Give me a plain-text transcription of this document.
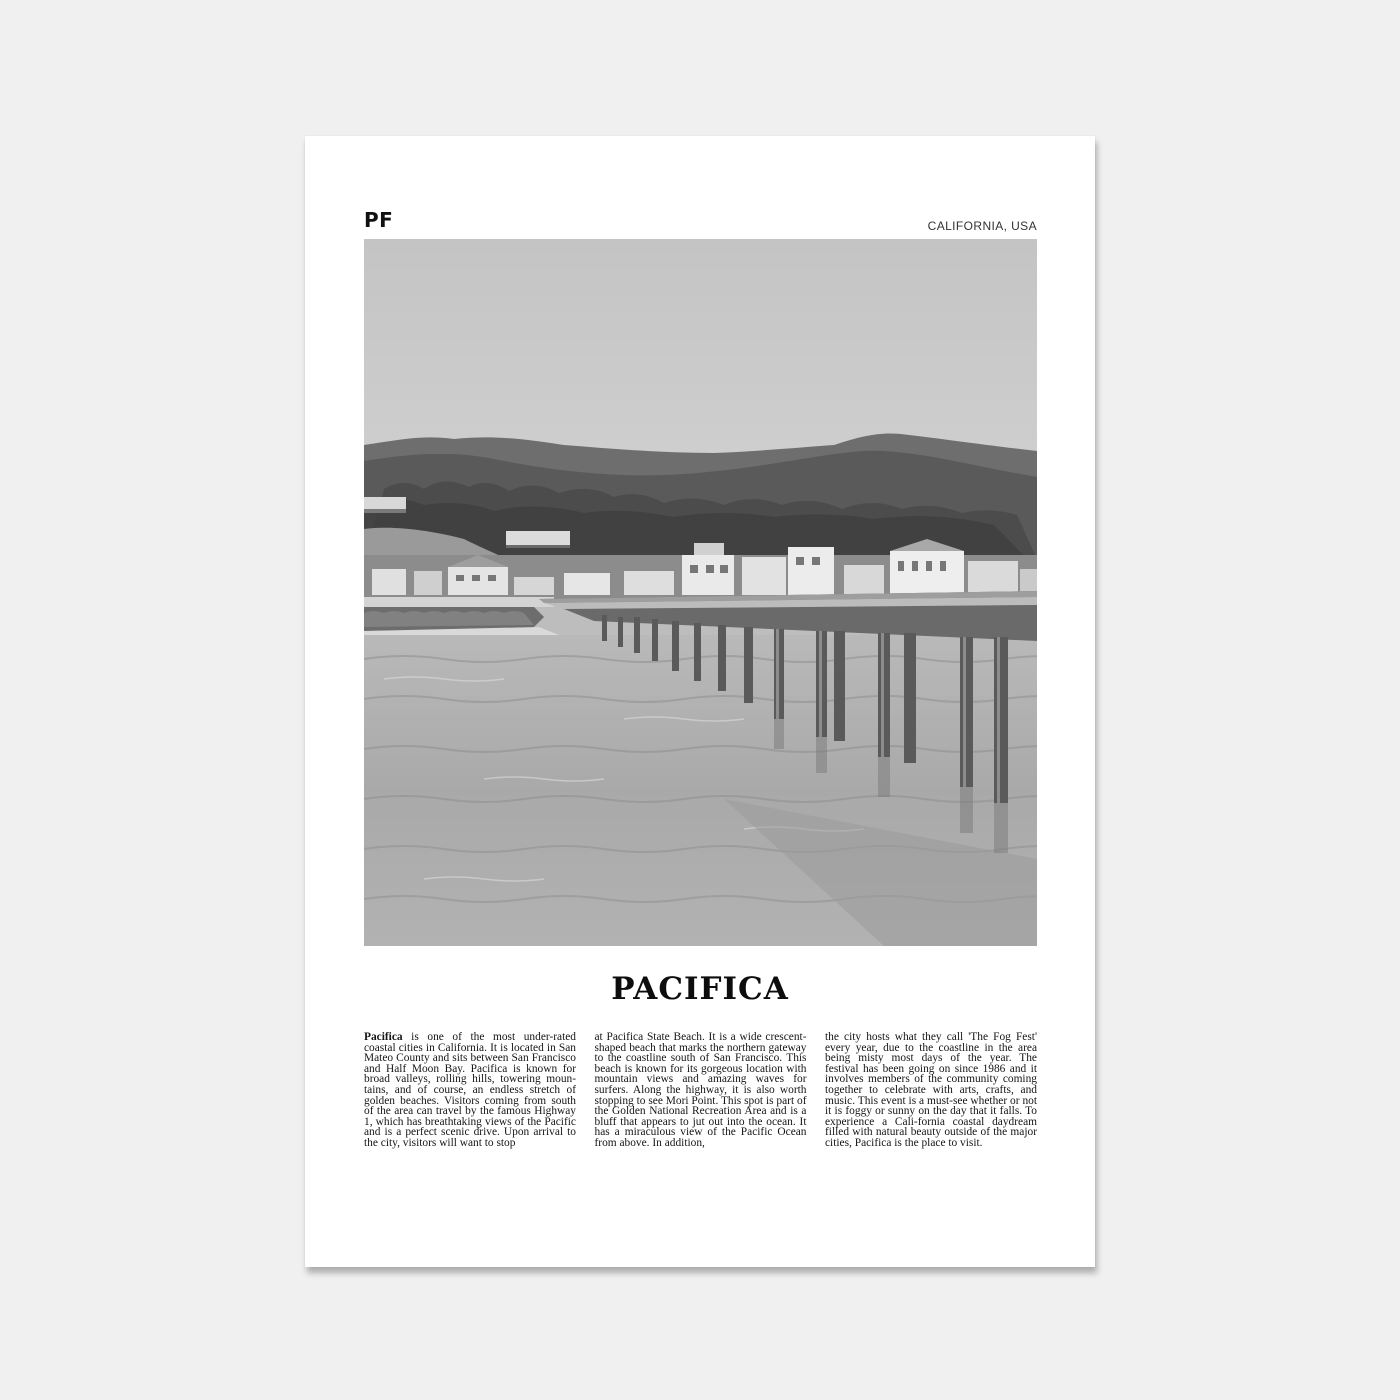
PF	CALIFORNIA, USA
PACIFICA
Pacifica is one of the most under-rated coastal cities in California. It is located in San Mateo County and sits between San Francisco and Half Moon Bay. Pacifica is known for broad valleys, rolling hills, towering moun-tains, and of course, an endless stretch of golden beaches. Visitors coming from south of the area can travel by the famous Highway 1, which has breathtaking views of the Pacific and is a perfect scenic drive. Upon arrival to the city, visitors will want to stop
at Pacifica State Beach. It is a wide crescent-shaped beach that marks the northern gateway to the coastline south of San Francisco. This beach is known for its gorgeous location with mountain views and amazing waves for surfers. Along the highway, it is also worth stopping to see Mori Point. This spot is part of the Golden National Recreation Area and is a bluff that appears to jut out into the ocean. It has a miraculous view of the Pacific Ocean from above. In addition,
the city hosts what they call 'The Fog Fest' every year, due to the coastline in the area being misty most days of the year. The festival has been going on since 1986 and it involves members of the community coming together to celebrate with arts, crafts, and music. This event is a must-see whether or not it is foggy or sunny on the day that it falls. To experience a Cali-fornia coastal daydream filled with natural beauty outside of the major cities, Pacifica is the place to visit.
